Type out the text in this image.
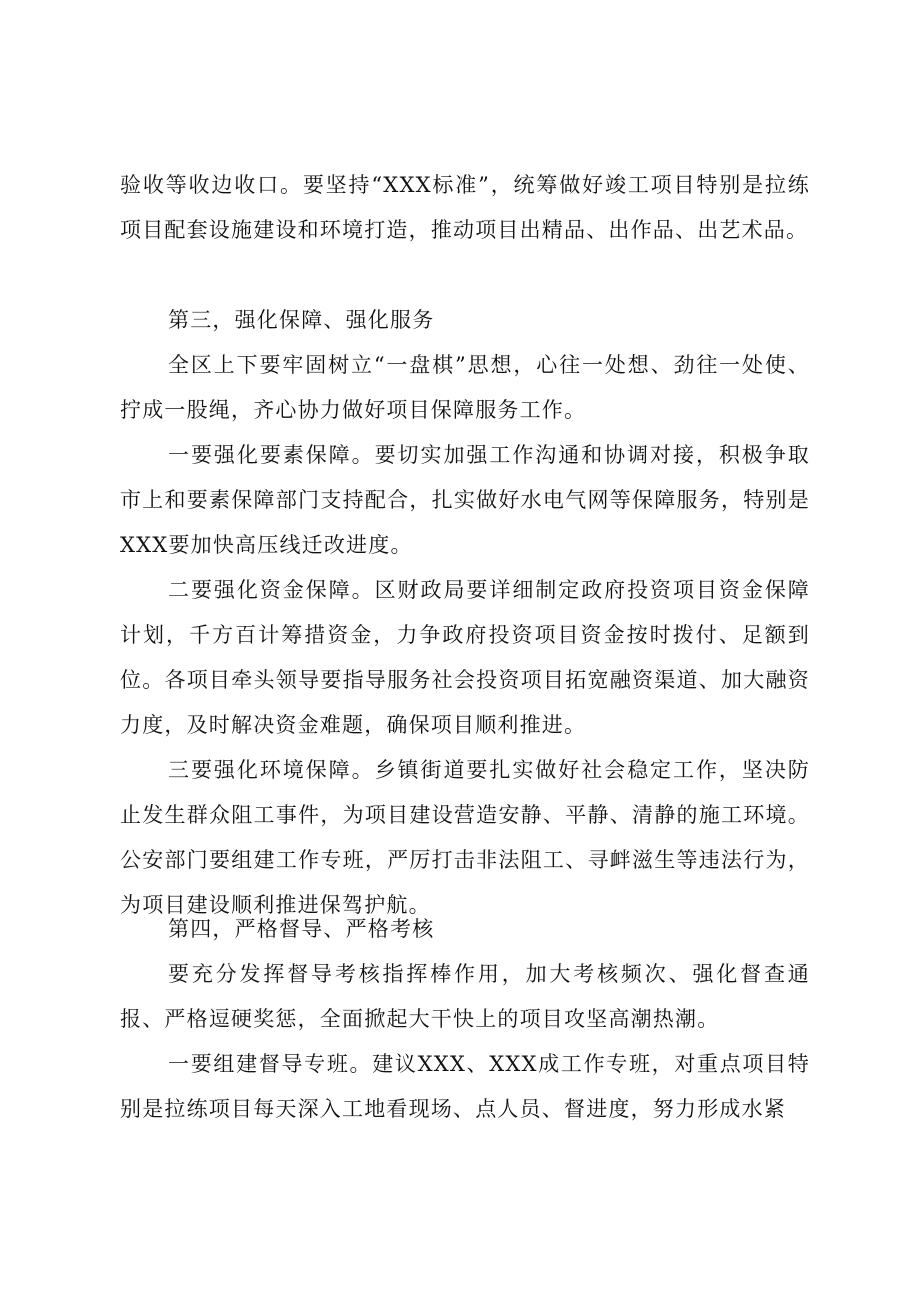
验收等收边收口。要坚持“XXX标准”，统筹做好竣工项目特别是拉练项目配套设施建设和环境打造，推动项目出精品、出作品、出艺术品。

第三，强化保障、强化服务

全区上下要牢固树立“一盘棋”思想，心往一处想、劲往一处使、拧成一股绳，齐心协力做好项目保障服务工作。

一要强化要素保障。要切实加强工作沟通和协调对接，积极争取市上和要素保障部门支持配合，扎实做好水电气网等保障服务，特别是XXX要加快高压线迁改进度。

二要强化资金保障。区财政局要详细制定政府投资项目资金保障计划，千方百计筹措资金，力争政府投资项目资金按时拨付、足额到位。各项目牵头领导要指导服务社会投资项目拓宽融资渠道、加大融资力度，及时解决资金难题，确保项目顺利推进。

三要强化环境保障。乡镇街道要扎实做好社会稳定工作，坚决防止发生群众阻工事件，为项目建设营造安静、平静、清静的施工环境。公安部门要组建工作专班，严厉打击非法阻工、寻衅滋生等违法行为，为项目建设顺利推进保驾护航。

第四，严格督导、严格考核

要充分发挥督导考核指挥棒作用，加大考核频次、强化督查通报、严格逗硬奖惩，全面掀起大干快上的项目攻坚高潮热潮。

一要组建督导专班。建议XXX、XXX成工作专班，对重点项目特别是拉练项目每天深入工地看现场、点人员、督进度，努力形成水紧
